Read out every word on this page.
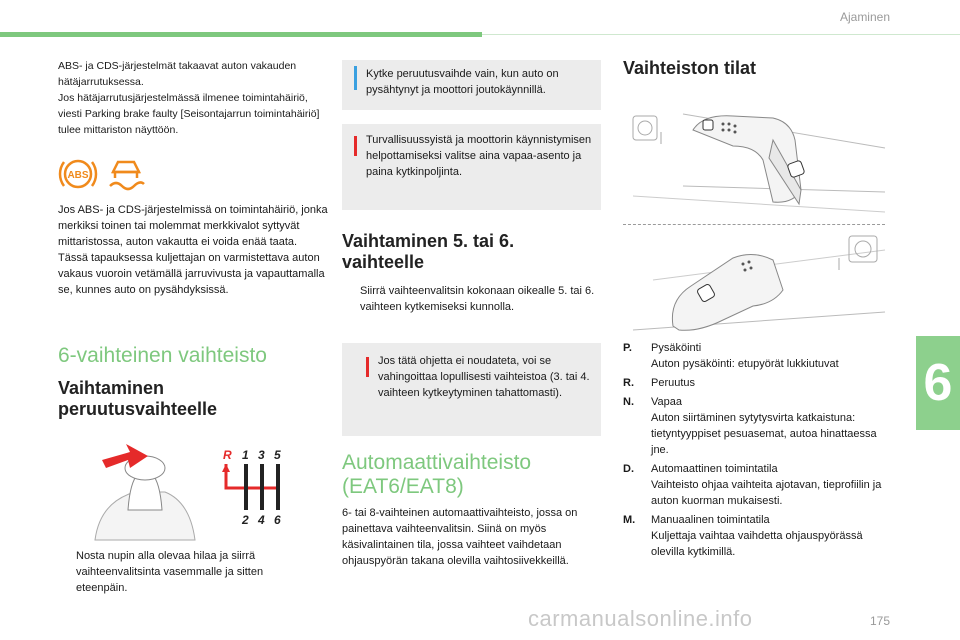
Ajaminen
6
ABS- ja CDS-järjestelmät takaavat auton vakauden hätäjarrutuksessa.
Jos hätäjarrutusjärjestelmässä ilmenee toimintahäiriö, viesti Parking brake faulty [Seisontajarrun toimintahäiriö] tulee mittariston näyttöön.
ABS
Jos ABS- ja CDS-järjestelmissä on toimintahäiriö, jonka merkiksi toinen tai molemmat merkkivalot syttyvät mittaristossa, auton vakautta ei voida enää taata.
Tässä tapauksessa kuljettajan on varmistettava auton vakaus vuoroin vetämällä jarruvivusta ja vapauttamalla se, kunnes auto on pysähdyksissä.
6-vaihteinen vaihteisto
Vaihtaminen peruutusvaihteelle
R 1 3 5
2 4 6
Nosta nupin alla olevaa hilaa ja siirrä vaihteenvalitsinta vasemmalle ja sitten eteenpäin.
Kytke peruutusvaihde vain, kun auto on pysähtynyt ja moottori joutokäynnillä.
Turvallisuussyistä ja moottorin käynnistymisen helpottamiseksi valitse aina vapaa-asento ja paina kytkinpoljinta.
Vaihtaminen 5. tai 6. vaihteelle
Siirrä vaihteenvalitsin kokonaan oikealle 5. tai 6. vaihteen kytkemiseksi kunnolla.
Jos tätä ohjetta ei noudateta, voi se vahingoittaa lopullisesti vaihteistoa (3. tai 4. vaihteen kytkeytyminen tahattomasti).
Automaattivaihteisto (EAT6/EAT8)
6- tai 8-vaihteinen automaattivaihteisto, jossa on painettava vaihteenvalitsin. Siinä on myös käsivalintainen tila, jossa vaihteet vaihdetaan ohjauspyörän takana olevilla vaihtosiivekkeillä.
Vaihteiston tilat
P.	Pysäköinti
Auton pysäköinti: etupyörät lukkiutuvat
R.	Peruutus
N.	Vapaa
Auton siirtäminen sytytysvirta katkaistuna: tietyntyyppiset pesuasemat, autoa hinattaessa jne.
D.	Automaattinen toimintatila
Vaihteisto ohjaa vaihteita ajotavan, tieprofiilin ja auton kuorman mukaisesti.
M.	Manuaalinen toimintatila
Kuljettaja vaihtaa vaihdetta ohjauspyörässä olevilla kytkimillä.
carmanualsonline.info	175
